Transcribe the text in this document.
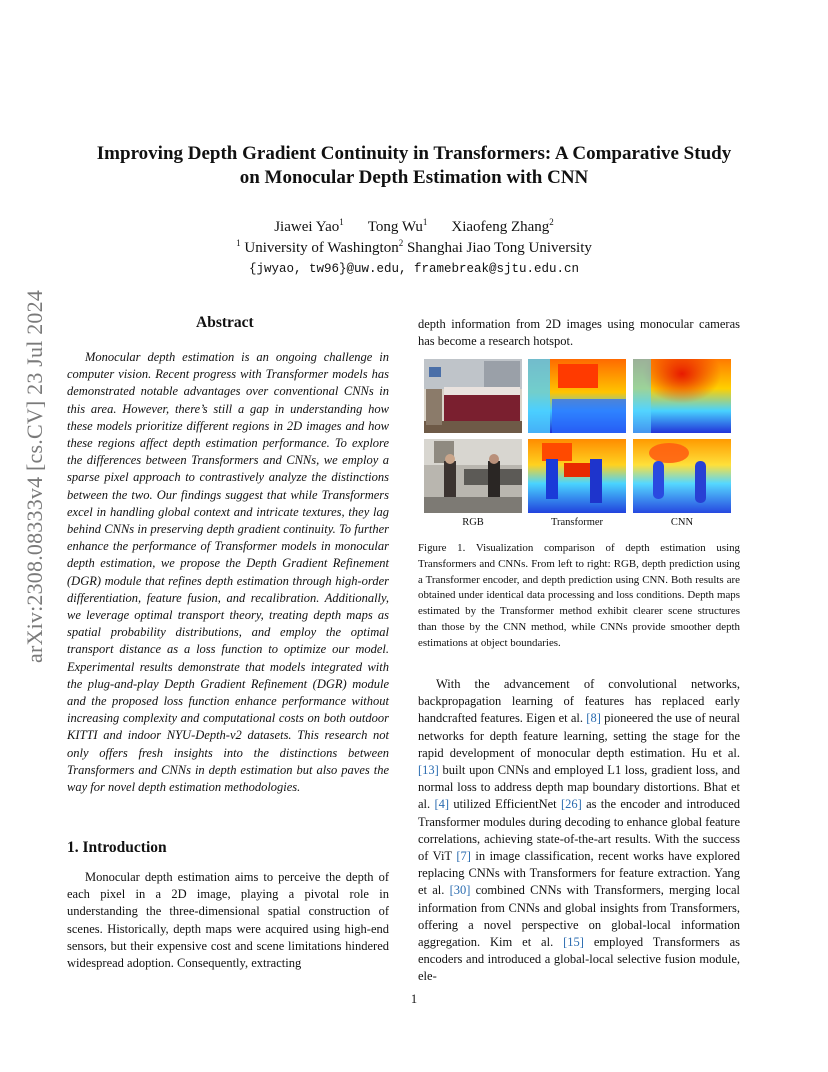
arXiv:2308.08333v4 [cs.CV] 23 Jul 2024
Improving Depth Gradient Continuity in Transformers: A Comparative Study
on Monocular Depth Estimation with CNN
Jiawei Yao$^1$ Tong Wu$^1$ Xiaofeng Zhang$^2$
$^1$ University of Washington$^2$ Shanghai Jiao Tong University
{jwyao, tw96}@uw.edu, framebreak@sjtu.edu.cn
Abstract
Monocular depth estimation is an ongoing challenge in computer vision. Recent progress with Transformer models has demonstrated notable advantages over conventional CNNs in this area. However, there’s still a gap in understanding how these models prioritize different regions in 2D images and how these regions affect depth estimation performance. To explore the differences between Transformers and CNNs, we employ a sparse pixel approach to contrastively analyze the distinctions between the two. Our findings suggest that while Transformers excel in handling global context and intricate textures, they lag behind CNNs in preserving depth gradient continuity. To further enhance the performance of Transformer models in monocular depth estimation, we propose the Depth Gradient Refinement (DGR) module that refines depth estimation through high-order differentiation, feature fusion, and recalibration. Additionally, we leverage optimal transport theory, treating depth maps as spatial probability distributions, and employ the optimal transport distance as a loss function to optimize our model. Experimental results demonstrate that models integrated with the plug-and-play Depth Gradient Refinement (DGR) module and the proposed loss function enhance performance without increasing complexity and computational costs on both outdoor KITTI and indoor NYU-Depth-v2 datasets. This research not only offers fresh insights into the distinctions between Transformers and CNNs in depth estimation but also paves the way for novel depth estimation methodologies.
1. Introduction
Monocular depth estimation aims to perceive the depth of each pixel in a 2D image, playing a pivotal role in understanding the three-dimensional spatial construction of scenes. Historically, depth maps were acquired using high-end sensors, but their expensive cost and scene limitations hindered widespread adoption. Consequently, extracting
depth information from 2D images using monocular cameras has become a research hotspot.
RGB	Transformer	CNN
Figure 1. Visualization comparison of depth estimation using Transformers and CNNs. From left to right: RGB, depth prediction using a Transformer encoder, and depth prediction using CNN. Both results are obtained under identical data processing and loss conditions. Depth maps estimated by the Transformer method exhibit clearer scene structures than those by the CNN method, while CNNs provide smoother depth estimations at object boundaries.
With the advancement of convolutional networks, backpropagation learning of features has replaced early handcrafted features. Eigen et al. [8] pioneered the use of neural networks for depth feature learning, setting the stage for the rapid development of monocular depth estimation. Hu et al. [13] built upon CNNs and employed L1 loss, gradient loss, and normal loss to address depth map boundary distortions. Bhat et al. [4] utilized EfficientNet [26] as the encoder and introduced Transformer modules during decoding to enhance global feature correlations, achieving state-of-the-art results. With the success of ViT [7] in image classification, recent works have explored replacing CNNs with Transformers for feature extraction. Yang et al. [30] combined CNNs with Transformers, merging local information from CNNs and global insights from Transformers, offering a novel perspective on global-local information aggregation. Kim et al. [15] employed Transformers as encoders and introduced a global-local selective fusion module, ele-
1
